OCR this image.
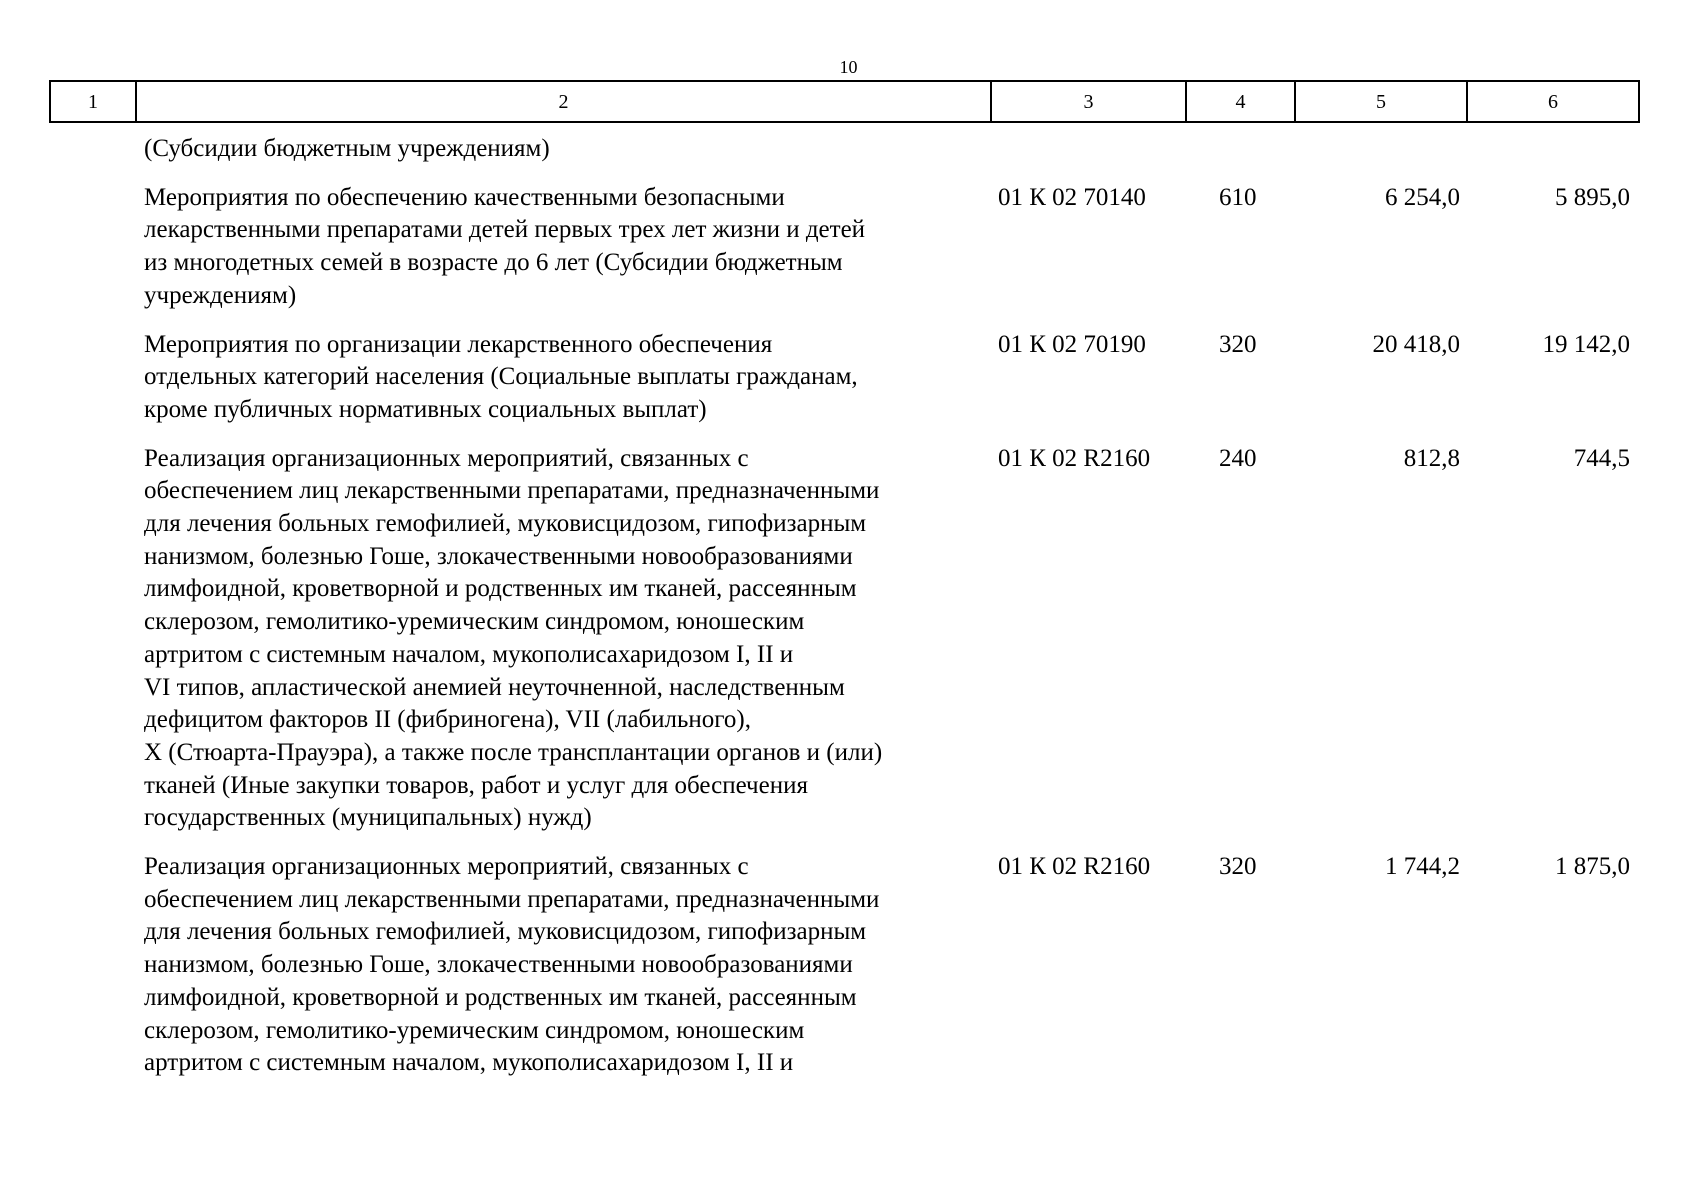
10
1	2	3	4	5	6
(Субсидии бюджетным учреждениям)
Мероприятия по обеспечению качественными безопасными
лекарственными препаратами детей первых трех лет жизни и детей
из многодетных семей в возрасте до 6 лет (Субсидии бюджетным
учреждениям)
01 К 02 70140	610	6 254,0	5 895,0
Мероприятия по организации лекарственного обеспечения
отдельных категорий населения (Социальные выплаты гражданам,
кроме публичных нормативных социальных выплат)
01 К 02 70190	320	20 418,0	19 142,0
Реализация организационных мероприятий, связанных с
обеспечением лиц лекарственными препаратами, предназначенными
для лечения больных гемофилией, муковисцидозом, гипофизарным
нанизмом, болезнью Гоше, злокачественными новообразованиями
лимфоидной, кроветворной и родственных им тканей, рассеянным
склерозом, гемолитико-уремическим синдромом, юношеским
артритом с системным началом, мукополисахаридозом I, II и
VI типов, апластической анемией неуточненной, наследственным
дефицитом факторов II (фибриногена), VII (лабильного),
X (Стюарта-Прауэра), а также после трансплантации органов и (или)
тканей (Иные закупки товаров, работ и услуг для обеспечения
государственных (муниципальных) нужд)
01 К 02 R2160	240	812,8	744,5
Реализация организационных мероприятий, связанных с
обеспечением лиц лекарственными препаратами, предназначенными
для лечения больных гемофилией, муковисцидозом, гипофизарным
нанизмом, болезнью Гоше, злокачественными новообразованиями
лимфоидной, кроветворной и родственных им тканей, рассеянным
склерозом, гемолитико-уремическим синдромом, юношеским
артритом с системным началом, мукополисахаридозом I, II и
01 К 02 R2160	320	1 744,2	1 875,0
